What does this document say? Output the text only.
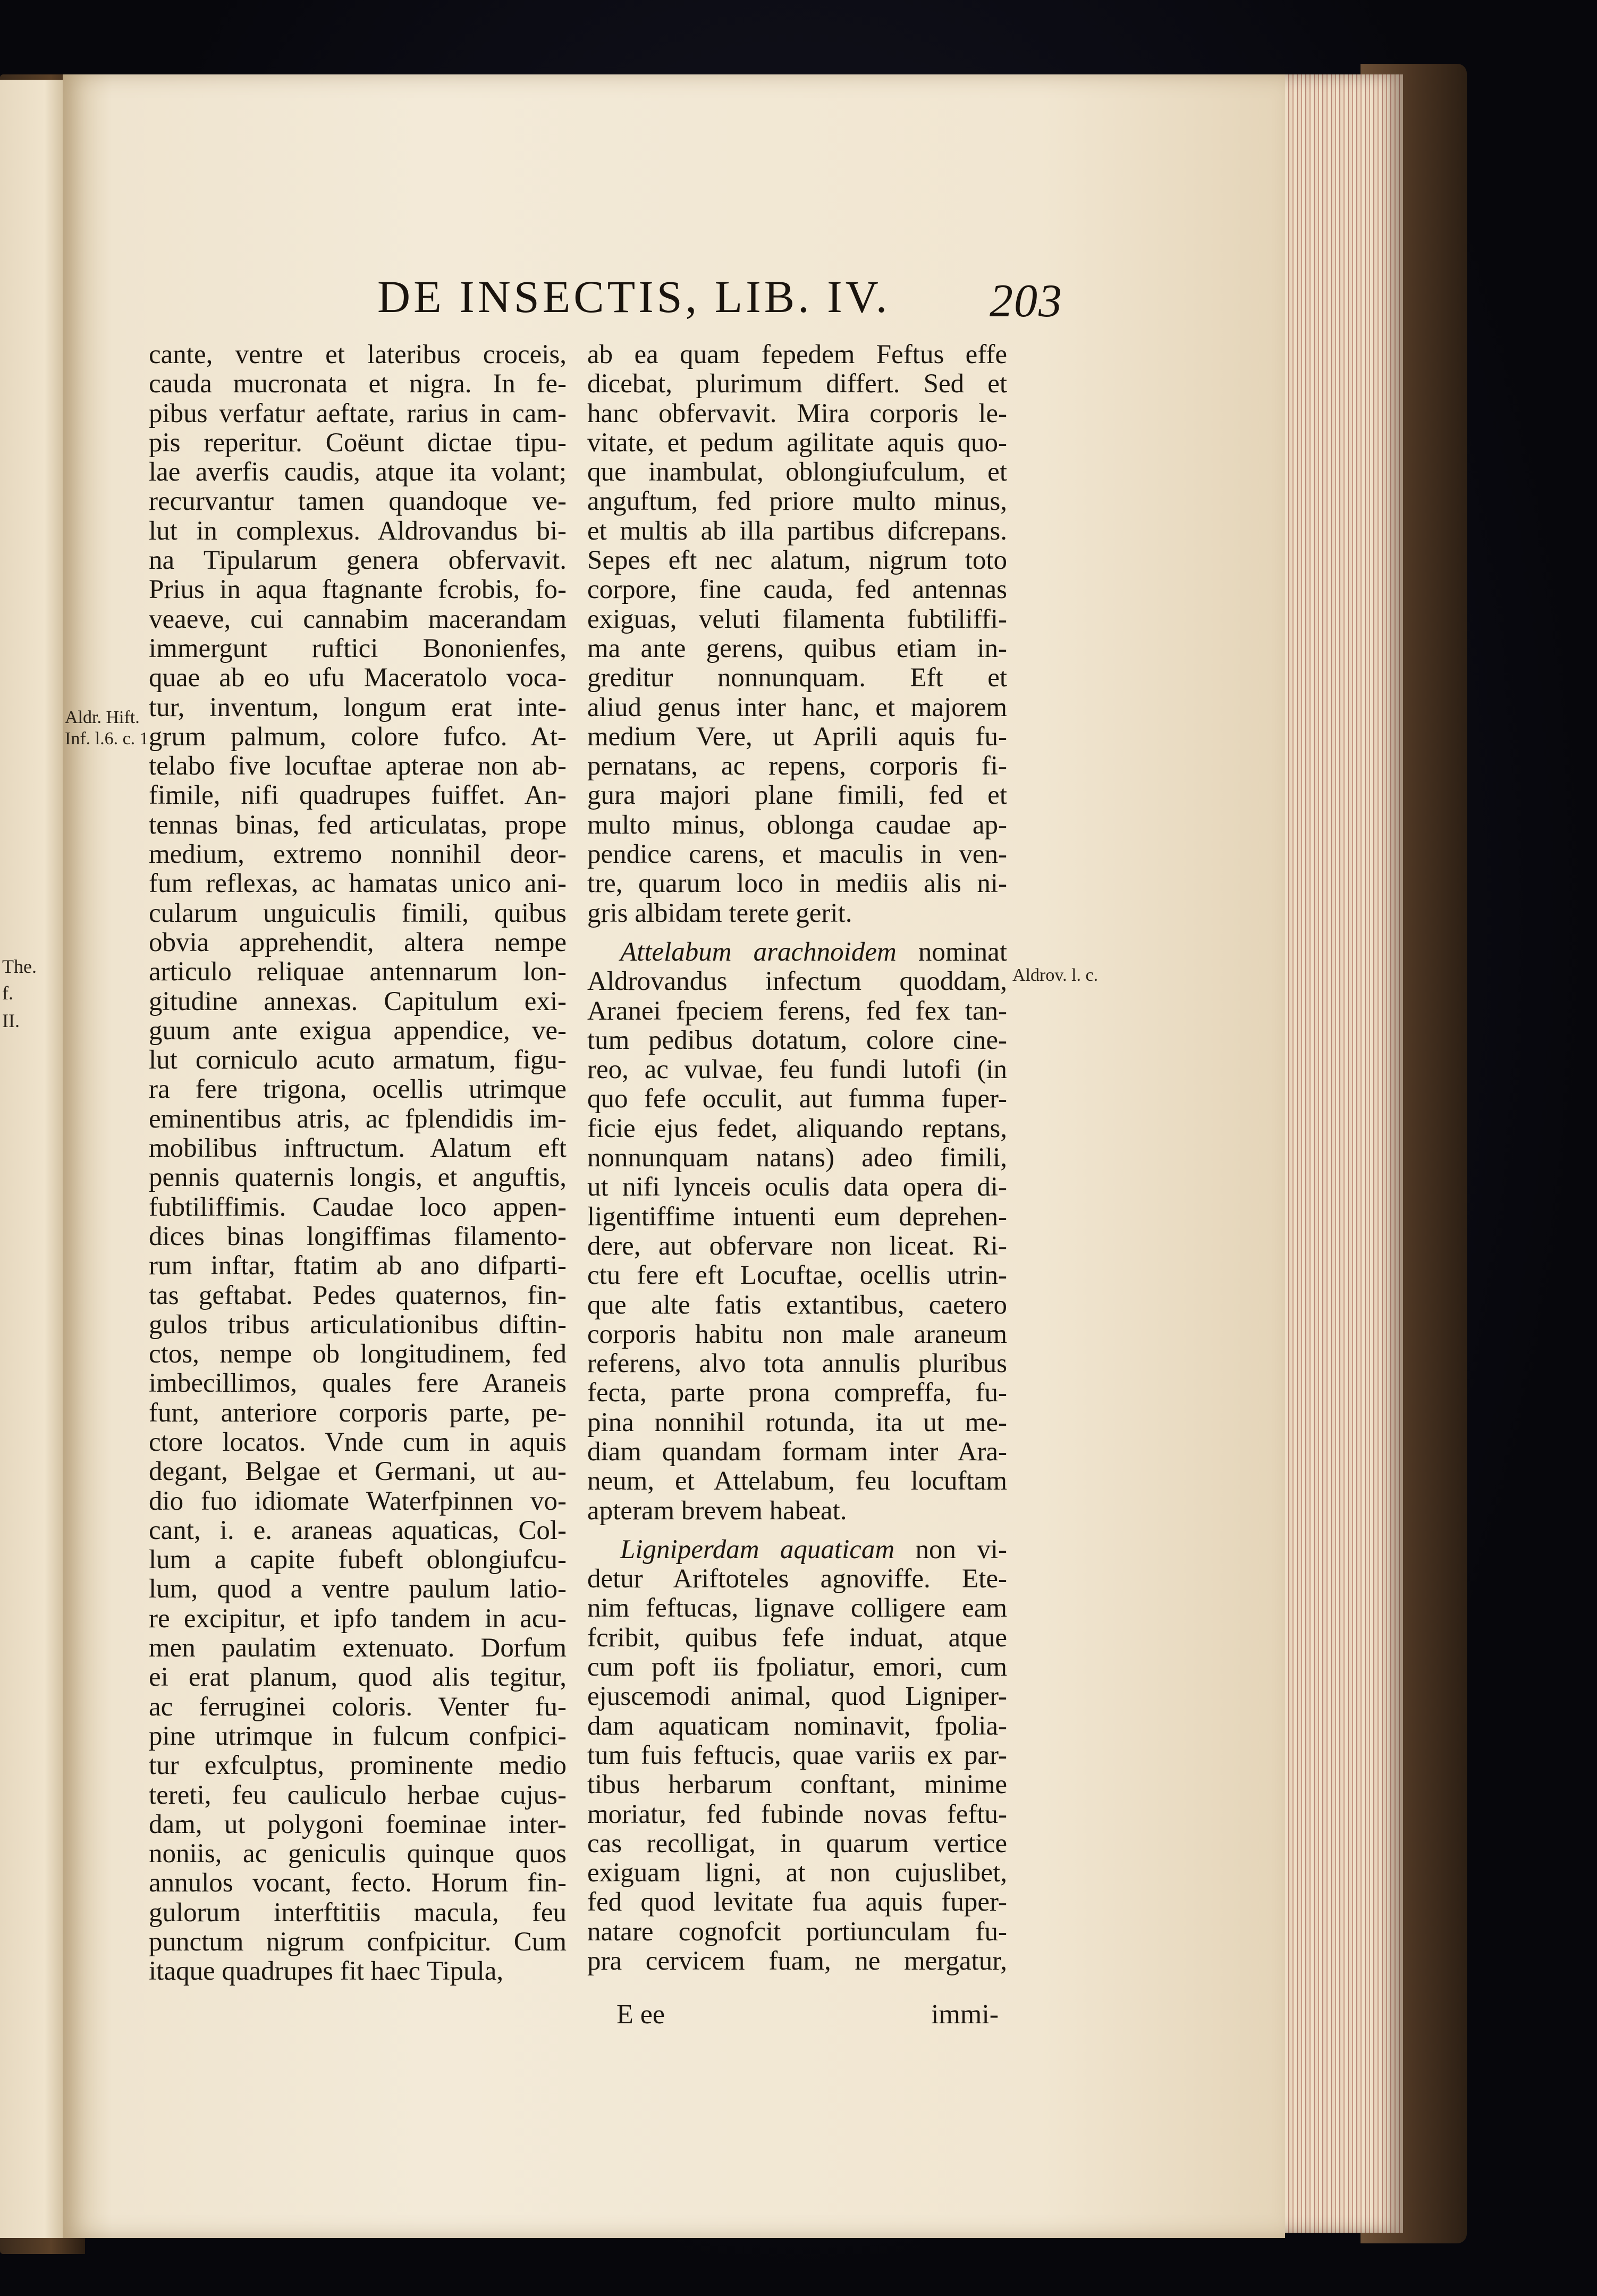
The.
f.
II.
DE INSECTIS, LIB. IV. 203
Aldr. Hift.
Inf. l.6. c. 1.
Aldrov. l. c.

cante, ventre et lateribus croceis,
cauda mucronata et nigra. In fe-
pibus verfatur aeftate, rarius in cam-
pis reperitur. Coëunt dictae tipu-
lae averfis caudis, atque ita volant;
recurvantur tamen quandoque ve-
lut in complexus. Aldrovandus bi-
na Tipularum genera obfervavit.
Prius in aqua ftagnante fcrobis, fo-
veaeve, cui cannabim macerandam
immergunt ruftici Bononienfes,
quae ab eo ufu Maceratolo voca-
tur, inventum, longum erat inte-
grum palmum, colore fufco. At-
telabo five locuftae apterae non ab-
fimile, nifi quadrupes fuiffet. An-
tennas binas, fed articulatas, prope
medium, extremo nonnihil deor-
fum reflexas, ac hamatas unico ani-
cularum unguiculis fimili, quibus
obvia apprehendit, altera nempe
articulo reliquae antennarum lon-
gitudine annexas. Capitulum exi-
guum ante exigua appendice, ve-
lut corniculo acuto armatum, figu-
ra fere trigona, ocellis utrimque
eminentibus atris, ac fplendidis im-
mobilibus inftructum. Alatum eft
pennis quaternis longis, et anguftis,
fubtiliffimis. Caudae loco appen-
dices binas longiffimas filamento-
rum inftar, ftatim ab ano difparti-
tas geftabat. Pedes quaternos, fin-
gulos tribus articulationibus diftin-
ctos, nempe ob longitudinem, fed
imbecillimos, quales fere Araneis
funt, anteriore corporis parte, pe-
ctore locatos. Vnde cum in aquis
degant, Belgae et Germani, ut au-
dio fuo idiomate Waterfpinnen vo-
cant, i. e. araneas aquaticas, Col-
lum a capite fubeft oblongiufcu-
lum, quod a ventre paulum latio-
re excipitur, et ipfo tandem in acu-
men paulatim extenuato. Dorfum
ei erat planum, quod alis tegitur,
ac ferruginei coloris. Venter fu-
pine utrimque in fulcum confpici-
tur exfculptus, prominente medio
tereti, feu cauliculo herbae cujus-
dam, ut polygoni foeminae inter-
noniis, ac geniculis quinque quos
annulos vocant, fecto. Horum fin-
gulorum interftitiis macula, feu
punctum nigrum confpicitur. Cum
itaque quadrupes fit haec Tipula,
ab ea quam fepedem Feftus effe
dicebat, plurimum differt. Sed et
hanc obfervavit. Mira corporis le-
vitate, et pedum agilitate aquis quo-
que inambulat, oblongiufculum, et
anguftum, fed priore multo minus,
et multis ab illa partibus difcrepans.
Sepes eft nec alatum, nigrum toto
corpore, fine cauda, fed antennas
exiguas, veluti filamenta fubtiliffi-
ma ante gerens, quibus etiam in-
greditur nonnunquam. Eft et
aliud genus inter hanc, et majorem
medium Vere, ut Aprili aquis fu-
pernatans, ac repens, corporis fi-
gura majori plane fimili, fed et
multo minus, oblonga caudae ap-
pendice carens, et maculis in ven-
tre, quarum loco in mediis alis ni-
gris albidam terete gerit.
Attelabum arachnoidem nominat
Aldrovandus infectum quoddam,
Aranei fpeciem ferens, fed fex tan-
tum pedibus dotatum, colore cine-
reo, ac vulvae, feu fundi lutofi (in
quo fefe occulit, aut fumma fuper-
ficie ejus fedet, aliquando reptans,
nonnunquam natans) adeo fimili,
ut nifi lynceis oculis data opera di-
ligentiffime intuenti eum deprehen-
dere, aut obfervare non liceat. Ri-
ctu fere eft Locuftae, ocellis utrin-
que alte fatis extantibus, caetero
corporis habitu non male araneum
referens, alvo tota annulis pluribus
fecta, parte prona compreffa, fu-
pina nonnihil rotunda, ita ut me-
diam quandam formam inter Ara-
neum, et Attelabum, feu locuftam
apteram brevem habeat.
Ligniperdam aquaticam non vi-
detur Ariftoteles agnoviffe. Ete-
nim feftucas, lignave colligere eam
fcribit, quibus fefe induat, atque
cum poft iis fpoliatur, emori, cum
ejuscemodi animal, quod Ligniper-
dam aquaticam nominavit, fpolia-
tum fuis feftucis, quae variis ex par-
tibus herbarum conftant, minime
moriatur, fed fubinde novas feftu-
cas recolligat, in quarum vertice
exiguam ligni, at non cujuslibet,
fed quod levitate fua aquis fuper-
natare cognofcit portiunculam fu-
pra cervicem fuam, ne mergatur,
E ee	immi-
